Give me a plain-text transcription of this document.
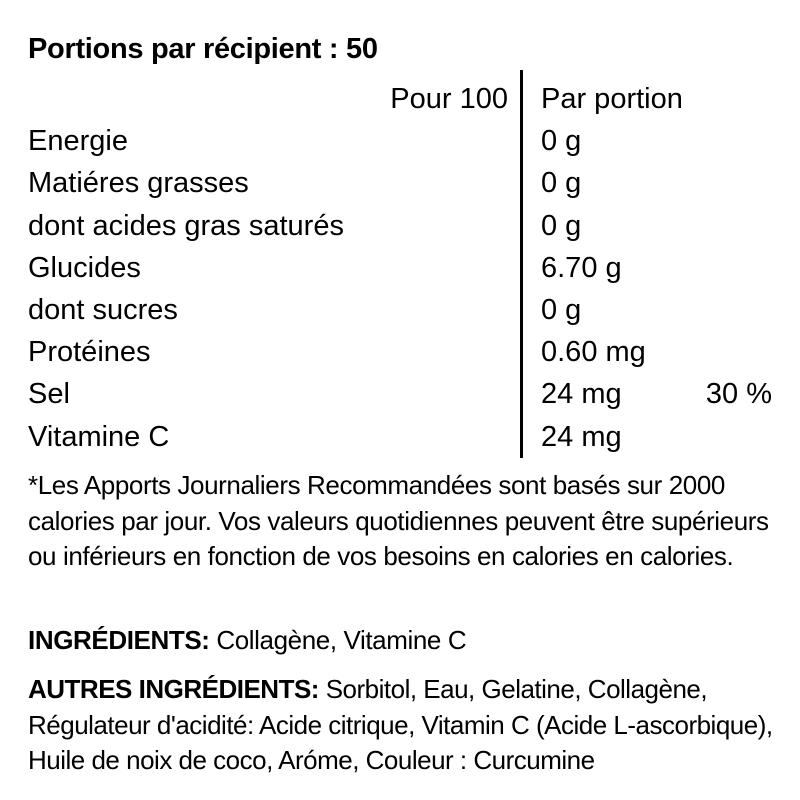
Portions par récipient : 50
Pour 100 Par portion
Energie	0 g
Matiéres grasses	0 g
dont acides gras saturés	0 g
Glucides	6.70 g
dont sucres	0 g
Protéines	0.60 mg
Sel	24 mg	30 %
Vitamine C	24 mg
*Les Apports Journaliers Recommandées sont basés sur 2000 calories par jour. Vos valeurs quotidiennes peuvent être supérieurs ou inférieurs en fonction de vos besoins en calories en calories.
INGRÉDIENTS: Collagène, Vitamine C
AUTRES INGRÉDIENTS: Sorbitol, Eau, Gelatine, Collagène, Régulateur d'acidité: Acide citrique, Vitamin C (Acide L-ascorbique), Huile de noix de coco, Aróme, Couleur : Curcumine
